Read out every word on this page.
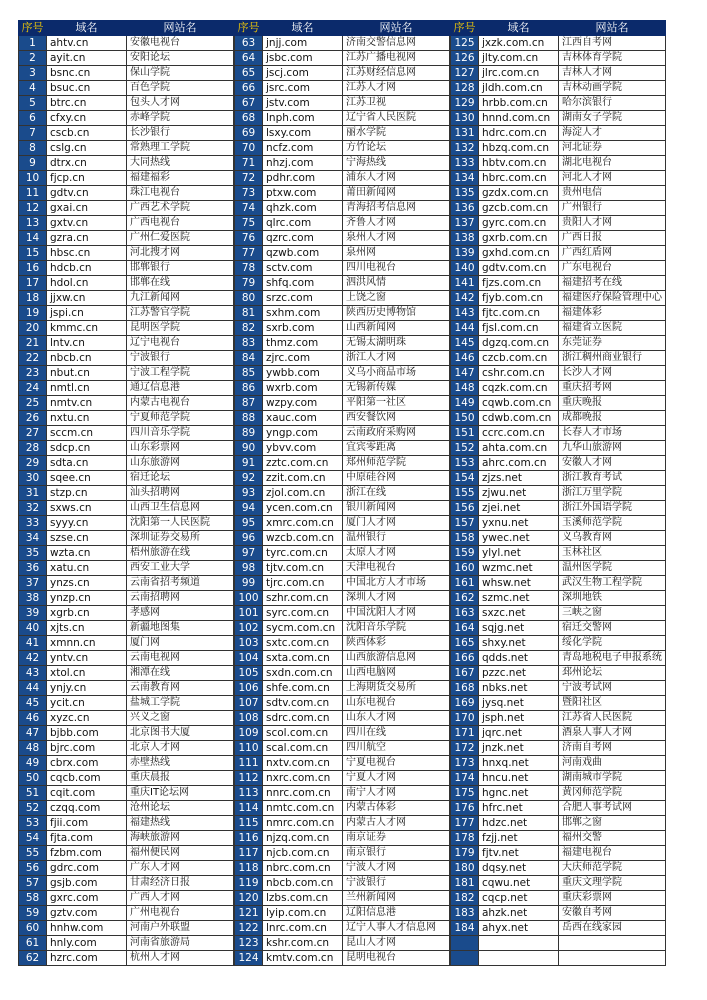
序号	域名	网站名
1	ahtv.cn	安徽电视台
2	ayit.cn	安阳论坛
3	bsnc.cn	保山学院
4	bsuc.cn	百色学院
5	btrc.cn	包头人才网
6	cfxy.cn	赤峰学院
7	cscb.cn	长沙银行
8	cslg.cn	常熟理工学院
9	dtrx.cn	大同热线
10	fjcp.cn	福建福彩
11	gdtv.cn	珠江电视台
12	gxai.cn	广西艺术学院
13	gxtv.cn	广西电视台
14	gzra.cn	广州仁爱医院
15	hbsc.cn	河北搜才网
16	hdcb.cn	邯郸银行
17	hdol.cn	邯郸在线
18	jjxw.cn	九江新闻网
19	jspi.cn	江苏警官学院
20	kmmc.cn	昆明医学院
21	lntv.cn	辽宁电视台
22	nbcb.cn	宁波银行
23	nbut.cn	宁波工程学院
24	nmtl.cn	通辽信息港
25	nmtv.cn	内蒙古电视台
26	nxtu.cn	宁夏师范学院
27	sccm.cn	四川音乐学院
28	sdcp.cn	山东彩票网
29	sdta.cn	山东旅游网
30	sqee.cn	宿迁论坛
31	stzp.cn	汕头招聘网
32	sxws.cn	山西卫生信息网
33	syyy.cn	沈阳第一人民医院
34	szse.cn	深圳证券交易所
35	wzta.cn	梧州旅游在线
36	xatu.cn	西安工业大学
37	ynzs.cn	云南省招考频道
38	ynzp.cn	云南招聘网
39	xgrb.cn	孝感网
40	xjts.cn	新疆地图集
41	xmnn.cn	厦门网
42	yntv.cn	云南电视网
43	xtol.cn	湘潭在线
44	ynjy.cn	云南教育网
45	ycit.cn	盐城工学院
46	xyzc.cn	兴义之窗
47	bjbb.com	北京图书大厦
48	bjrc.com	北京人才网
49	cbrx.com	赤壁热线
50	cqcb.com	重庆晨报
51	cqit.com	重庆IT论坛网
52	czqq.com	沧州论坛
53	fjii.com	福建热线
54	fjta.com	海峡旅游网
55	fzbm.com	福州便民网
56	gdrc.com	广东人才网
57	gsjb.com	甘肃经济日报
58	gxrc.com	广西人才网
59	gztv.com	广州电视台
60	hnhw.com	河南户外联盟
61	hnly.com	河南省旅游局
62	hzrc.com	杭州人才网
序号	域名	网站名
63	jnjj.com	济南交警信息网
64	jsbc.com	江苏广播电视网
65	jscj.com	江苏财经信息网
66	jsrc.com	江苏人才网
67	jstv.com	江苏卫视
68	lnph.com	辽宁省人民医院
69	lsxy.com	丽水学院
70	ncfz.com	方竹论坛
71	nhzj.com	宁海热线
72	pdhr.com	浦东人才网
73	ptxw.com	莆田新闻网
74	qhzk.com	青海招考信息网
75	qlrc.com	齐鲁人才网
76	qzrc.com	泉州人才网
77	qzwb.com	泉州网
78	sctv.com	四川电视台
79	shfq.com	泗洪风情
80	srzc.com	上饶之窗
81	sxhm.com	陕西历史博物馆
82	sxrb.com	山西新闻网
83	thmz.com	无锡太湖明珠
84	zjrc.com	浙江人才网
85	ywbb.com	义乌小商品市场
86	wxrb.com	无锡新传媒
87	wzpy.com	平阳第一社区
88	xauc.com	西安餐饮网
89	yngp.com	云南政府采购网
90	ybvv.com	宜宾零距离
91	zztc.com.cn	郑州师范学院
92	zzit.com.cn	中原硅谷网
93	zjol.com.cn	浙江在线
94	ycen.com.cn	银川新闻网
95	xmrc.com.cn	厦门人才网
96	wzcb.com.cn	温州银行
97	tyrc.com.cn	太原人才网
98	tjtv.com.cn	天津电视台
99	tjrc.com.cn	中国北方人才市场
100	szhr.com.cn	深圳人才网
101	syrc.com.cn	中国沈阳人才网
102	sycm.com.cn	沈阳音乐学院
103	sxtc.com.cn	陕西体彩
104	sxta.com.cn	山西旅游信息网
105	sxdn.com.cn	山西电脑网
106	shfe.com.cn	上海期货交易所
107	sdtv.com.cn	山东电视台
108	sdrc.com.cn	山东人才网
109	scol.com.cn	四川在线
110	scal.com.cn	四川航空
111	nxtv.com.cn	宁夏电视台
112	nxrc.com.cn	宁夏人才网
113	nnrc.com.cn	南宁人才网
114	nmtc.com.cn	内蒙古体彩
115	nmrc.com.cn	内蒙古人才网
116	njzq.com.cn	南京证券
117	njcb.com.cn	南京银行
118	nbrc.com.cn	宁波人才网
119	nbcb.com.cn	宁波银行
120	lzbs.com.cn	兰州新闻网
121	lyip.com.cn	辽阳信息港
122	lnrc.com.cn	辽宁人事人才信息网
123	kshr.com.cn	昆山人才网
124	kmtv.com.cn	昆明电视台
序号	域名	网站名
125	jxzk.com.cn	江西自考网
126	jlty.com.cn	吉林体育学院
127	jlrc.com.cn	吉林人才网
128	jldh.com.cn	吉林动画学院
129	hrbb.com.cn	哈尔滨银行
130	hnnd.com.cn	湖南女子学院
131	hdrc.com.cn	海淀人才
132	hbzq.com.cn	河北证券
133	hbtv.com.cn	湖北电视台
134	hbrc.com.cn	河北人才网
135	gzdx.com.cn	贵州电信
136	gzcb.com.cn	广州银行
137	gyrc.com.cn	贵阳人才网
138	gxrb.com.cn	广西日报
139	gxhd.com.cn	广西红盾网
140	gdtv.com.cn	广东电视台
141	fjzs.com.cn	福建招考在线
142	fjyb.com.cn	福建医疗保险管理中心
143	fjtc.com.cn	福建体彩
144	fjsl.com.cn	福建省立医院
145	dgzq.com.cn	东莞证券
146	czcb.com.cn	浙江稠州商业银行
147	cshr.com.cn	长沙人才网
148	cqzk.com.cn	重庆招考网
149	cqwb.com.cn	重庆晚报
150	cdwb.com.cn	成都晚报
151	ccrc.com.cn	长春人才市场
152	ahta.com.cn	九华山旅游网
153	ahrc.com.cn	安徽人才网
154	zjzs.net	浙江教育考试
155	zjwu.net	浙江万里学院
156	zjei.net	浙江外国语学院
157	yxnu.net	玉溪师范学院
158	ywec.net	义乌教育网
159	ylyl.net	玉林社区
160	wzmc.net	温州医学院
161	whsw.net	武汉生物工程学院
162	szmc.net	深圳地铁
163	sxzc.net	三峡之窗
164	sqjg.net	宿迁交警网
165	shxy.net	绥化学院
166	qdds.net	青岛地税电子申报系统
167	pzzc.net	邳州论坛
168	nbks.net	宁波考试网
169	jysq.net	暨阳社区
170	jsph.net	江苏省人民医院
171	jqrc.net	酒泉人事人才网
172	jnzk.net	济南自考网
173	hnxq.net	河南戏曲
174	hncu.net	湖南城市学院
175	hgnc.net	黄冈师范学院
176	hfrc.net	合肥人事考试网
177	hdzc.net	邯郸之窗
178	fzjj.net	福州交警
179	fjtv.net	福建电视台
180	dqsy.net	大庆师范学院
181	cqwu.net	重庆文理学院
182	cqcp.net	重庆彩票网
183	ahzk.net	安徽自考网
184	ahyx.net	岳西在线家园
